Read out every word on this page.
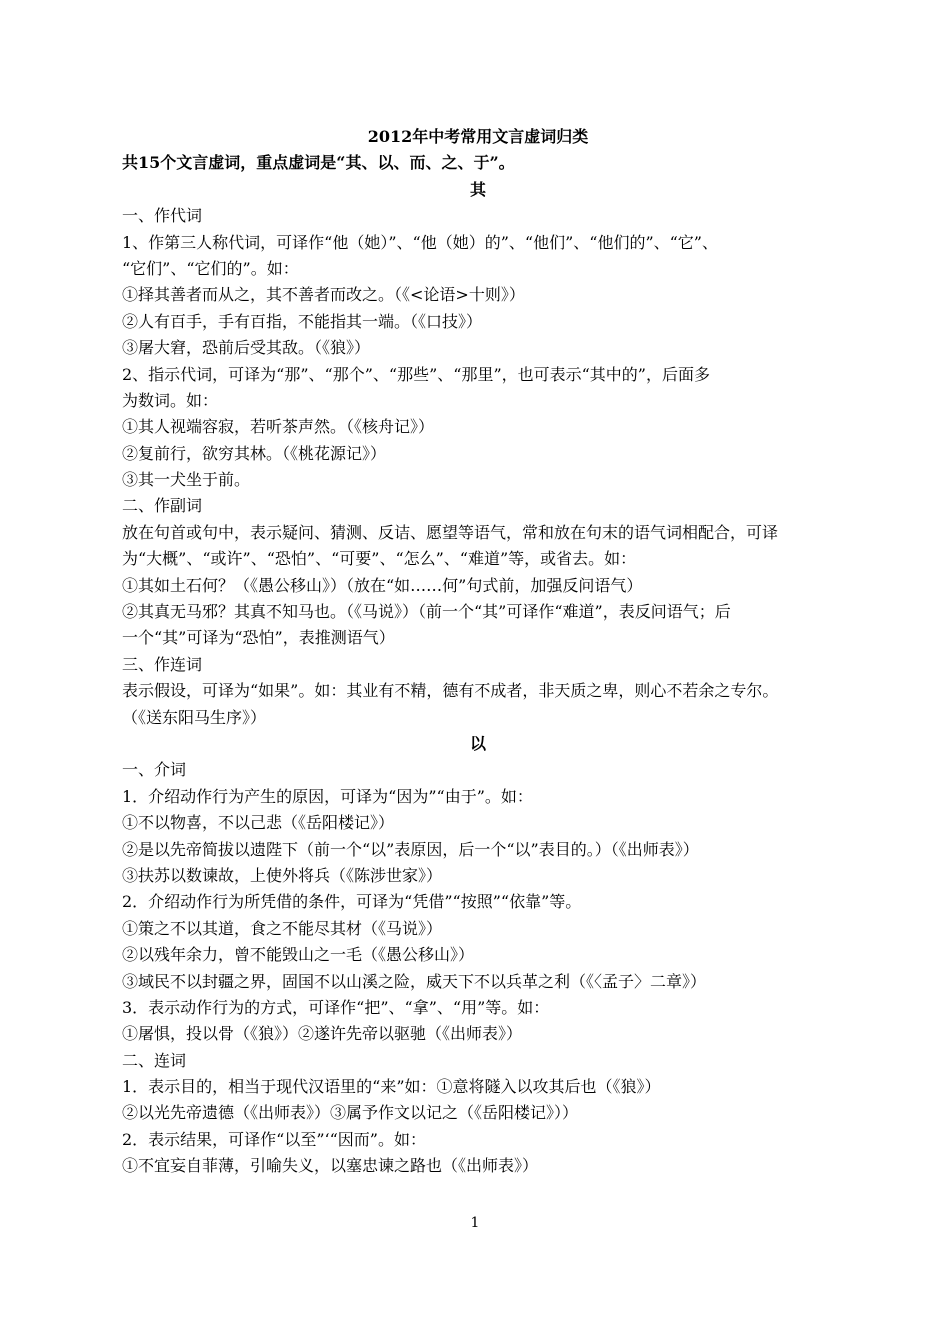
2012年中考常用文言虚词归类
共15个文言虚词，重点虚词是“其、以、而、之、于”。
其
一、作代词
1、作第三人称代词，可译作“他（她）”、“他（她）的”、“他们”、“他们的”、“它”、
“它们”、“它们的”。如：
①择其善者而从之，其不善者而改之。（《<论语>十则》）
②人有百手，手有百指，不能指其一端。（《口技》）
③屠大窘，恐前后受其敌。（《狼》）
2、指示代词，可译为“那”、“那个”、“那些”、“那里”，也可表示“其中的”，后面多
为数词。如：
①其人视端容寂，若听茶声然。（《核舟记》）
②复前行，欲穷其林。（《桃花源记》）
③其一犬坐于前。
二、作副词
放在句首或句中，表示疑问、猜测、反诘、愿望等语气，常和放在句末的语气词相配合，可译
为“大概”、“或许”、“恐怕”、“可要”、“怎么”、“难道”等，或省去。如：
①其如土石何？（《愚公移山》）（放在“如……何”句式前，加强反问语气）
②其真无马邪？其真不知马也。（《马说》）（前一个“其”可译作“难道”，表反问语气；后
一个“其”可译为“恐怕”，表推测语气）
三、作连词
表示假设，可译为“如果”。如：其业有不精，德有不成者，非天质之卑，则心不若余之专尔。
（《送东阳马生序》）
以
一、介词
1．介绍动作行为产生的原因，可译为“因为”“由于”。如：
①不以物喜，不以己悲（《岳阳楼记》）
②是以先帝简拔以遗陛下（前一个“以”表原因，后一个“以”表目的。）（《出师表》）
③扶苏以数谏故，上使外将兵（《陈涉世家》）
2．介绍动作行为所凭借的条件，可译为“凭借”“按照”“依靠”等。
①策之不以其道，食之不能尽其材（《马说》）
②以残年余力，曾不能毁山之一毛（《愚公移山》）
③域民不以封疆之界，固国不以山溪之险，威天下不以兵革之利（《〈孟子〉二章》）
3．表示动作行为的方式，可译作“把”、“拿”、“用”等。如：
①屠惧，投以骨（《狼》）②遂许先帝以驱驰（《出师表》）
二、连词
1．表示目的，相当于现代汉语里的“来”如：①意将隧入以攻其后也（《狼》）
②以光先帝遗德（《出师表》）③属予作文以记之（《岳阳楼记》））
2．表示结果，可译作“以至”‘“因而”。如：
①不宜妄自菲薄，引喻失义，以塞忠谏之路也（《出师表》）
1
